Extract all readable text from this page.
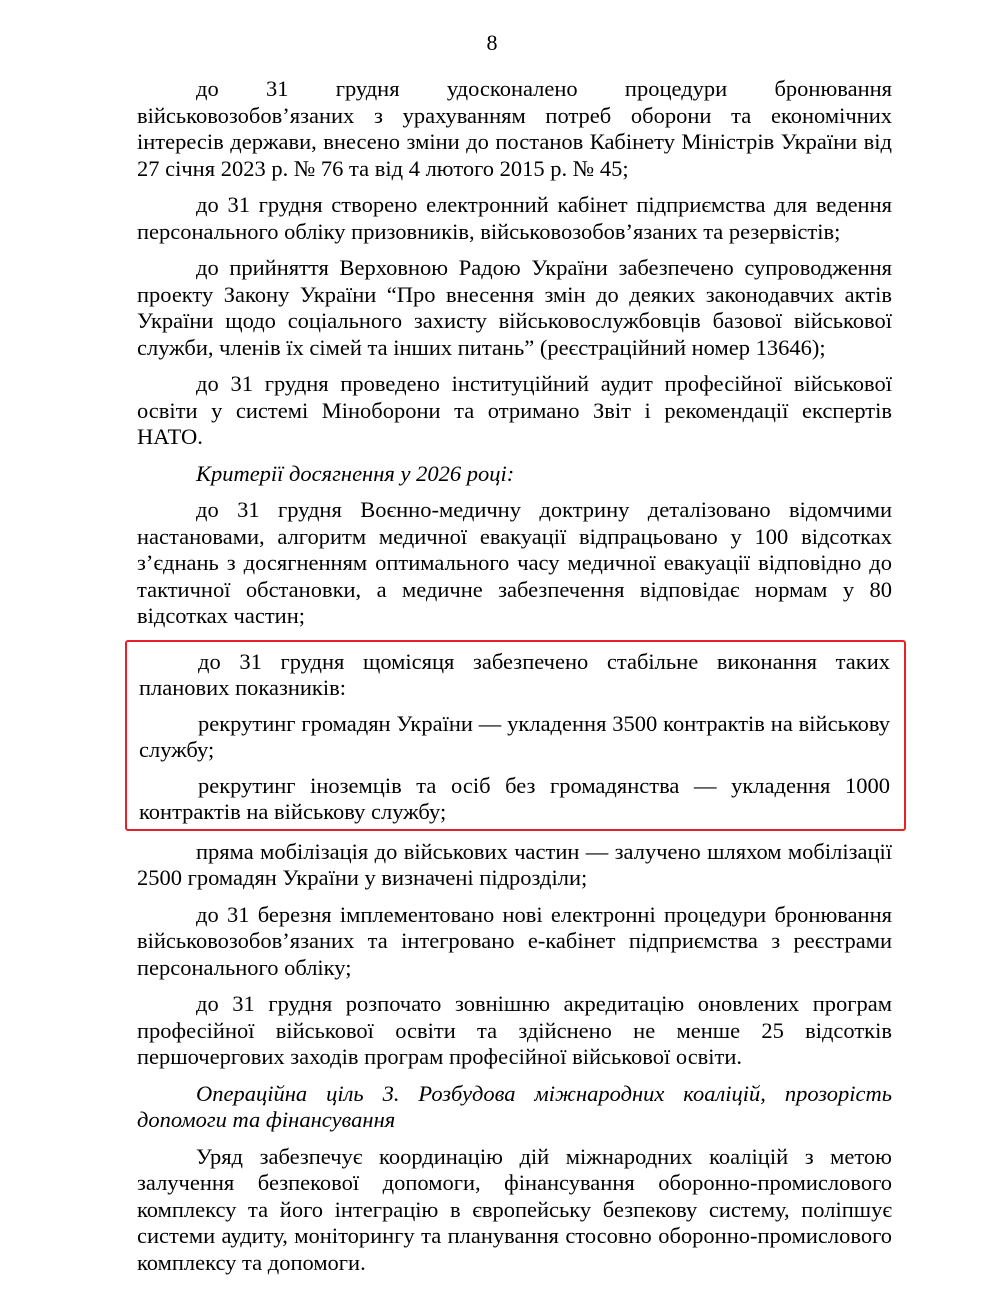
8

до 31 грудня удосконалено процедури бронювання військовозобов’язаних з урахуванням потреб оборони та економічних інтересів держави, внесено зміни до постанов Кабінету Міністрів України від 27 січня 2023 р. № 76 та від 4 лютого 2015 р. № 45;

до 31 грудня створено електронний кабінет підприємства для ведення персонального обліку призовників, військовозобов’язаних та резервістів;

до прийняття Верховною Радою України забезпечено супроводження проекту Закону України “Про внесення змін до деяких законодавчих актів України щодо соціального захисту військовослужбовців базової військової служби, членів їх сімей та інших питань” (реєстраційний номер 13646);

до 31 грудня проведено інституційний аудит професійної військової освіти у системі Міноборони та отримано Звіт і рекомендації експертів НАТО.

Критерії досягнення у 2026 році:

до 31 грудня Воєнно-медичну доктрину деталізовано відомчими настановами, алгоритм медичної евакуації відпрацьовано у 100 відсотках з’єднань з досягненням оптимального часу медичної евакуації відповідно до тактичної обстановки, а медичне забезпечення відповідає нормам у 80 відсотках частин;

до 31 грудня щомісяця забезпечено стабільне виконання таких планових показників:

рекрутинг громадян України — укладення 3500 контрактів на військову службу;

рекрутинг іноземців та осіб без громадянства — укладення 1000 контрактів на військову службу;

пряма мобілізація до військових частин — залучено шляхом мобілізації 2500 громадян України у визначені підрозділи;

до 31 березня імплементовано нові електронні процедури бронювання військовозобов’язаних та інтегровано е-кабінет підприємства з реєстрами персонального обліку;

до 31 грудня розпочато зовнішню акредитацію оновлених програм професійної військової освіти та здійснено не менше 25 відсотків першочергових заходів програм професійної військової освіти.

Операційна ціль 3. Розбудова міжнародних коаліцій, прозорість допомоги та фінансування

Уряд забезпечує координацію дій міжнародних коаліцій з метою залучення безпекової допомоги, фінансування оборонно-промислового комплексу та його інтеграцію в європейську безпекову систему, поліпшує системи аудиту, моніторингу та планування стосовно оборонно-промислового комплексу та допомоги.
